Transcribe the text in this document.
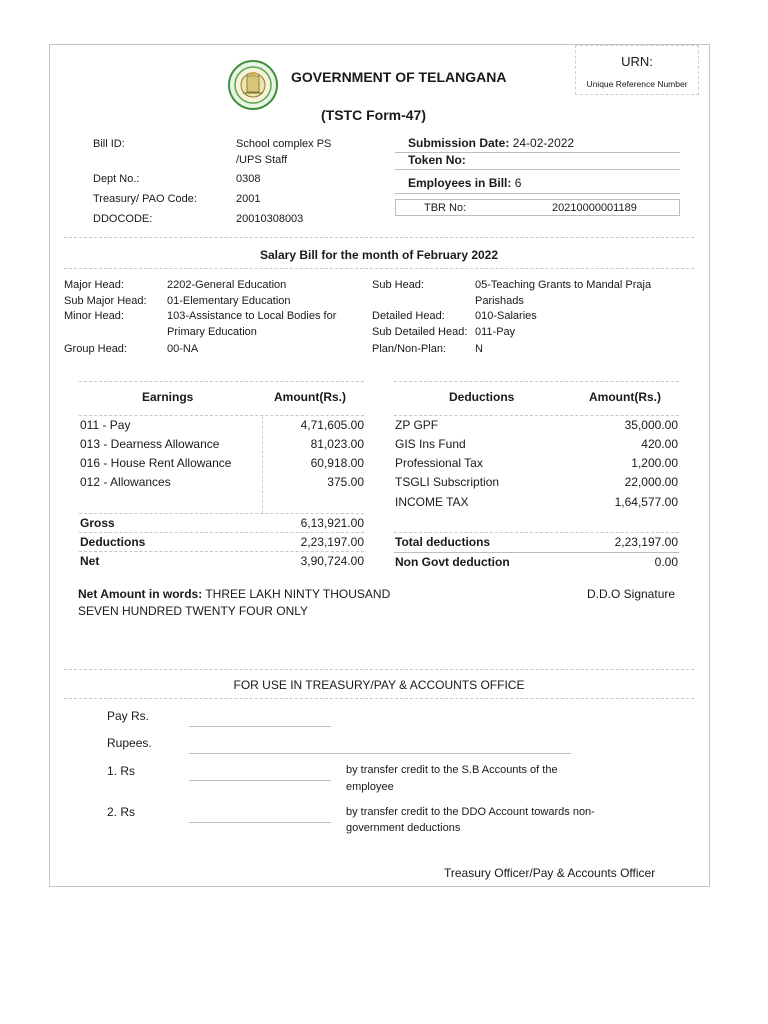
GOVERNMENT OF TELANGANA
(TSTC Form-47)
URN:
Unique Reference Number
Bill ID:	School complex PS /UPS Staff
Dept No.:	0308
Treasury/ PAO Code:	2001
DDOCODE:	20010308003
Submission Date: 24-02-2022
Token No:
Employees in Bill: 6
TBR No:	20210000001189
Salary Bill for the month of February 2022
Major Head:	2202-General Education
Sub Major Head: 01-Elementary Education
Minor Head:	103-Assistance to Local Bodies for Primary Education
Group Head:	00-NA
Sub Head:	05-Teaching Grants to Mandal Praja Parishads
Detailed Head:	010-Salaries
Sub Detailed Head: 011-Pay
Plan/Non-Plan:	N
Earnings	Amount(Rs.)	Deductions	Amount(Rs.)
011 - Pay	4,71,605.00
013 - Dearness Allowance	81,023.00
016 - House Rent Allowance	60,918.00
012 - Allowances	375.00
Gross	6,13,921.00
Deductions	2,23,197.00
Net	3,90,724.00
ZP GPF	35,000.00
GIS Ins Fund	420.00
Professional Tax	1,200.00
TSGLI Subscription	22,000.00
INCOME TAX	1,64,577.00
Total deductions	2,23,197.00
Non Govt deduction	0.00
Net Amount in words: THREE LAKH NINTY THOUSAND
SEVEN HUNDRED TWENTY FOUR ONLY
D.D.O Signature
FOR USE IN TREASURY/PAY & ACCOUNTS OFFICE
Pay Rs.
Rupees.
1. Rs	by transfer credit to the S.B Accounts of the
employee
2. Rs	by transfer credit to the DDO Account towards non-
government deductions
Treasury Officer/Pay & Accounts Officer
